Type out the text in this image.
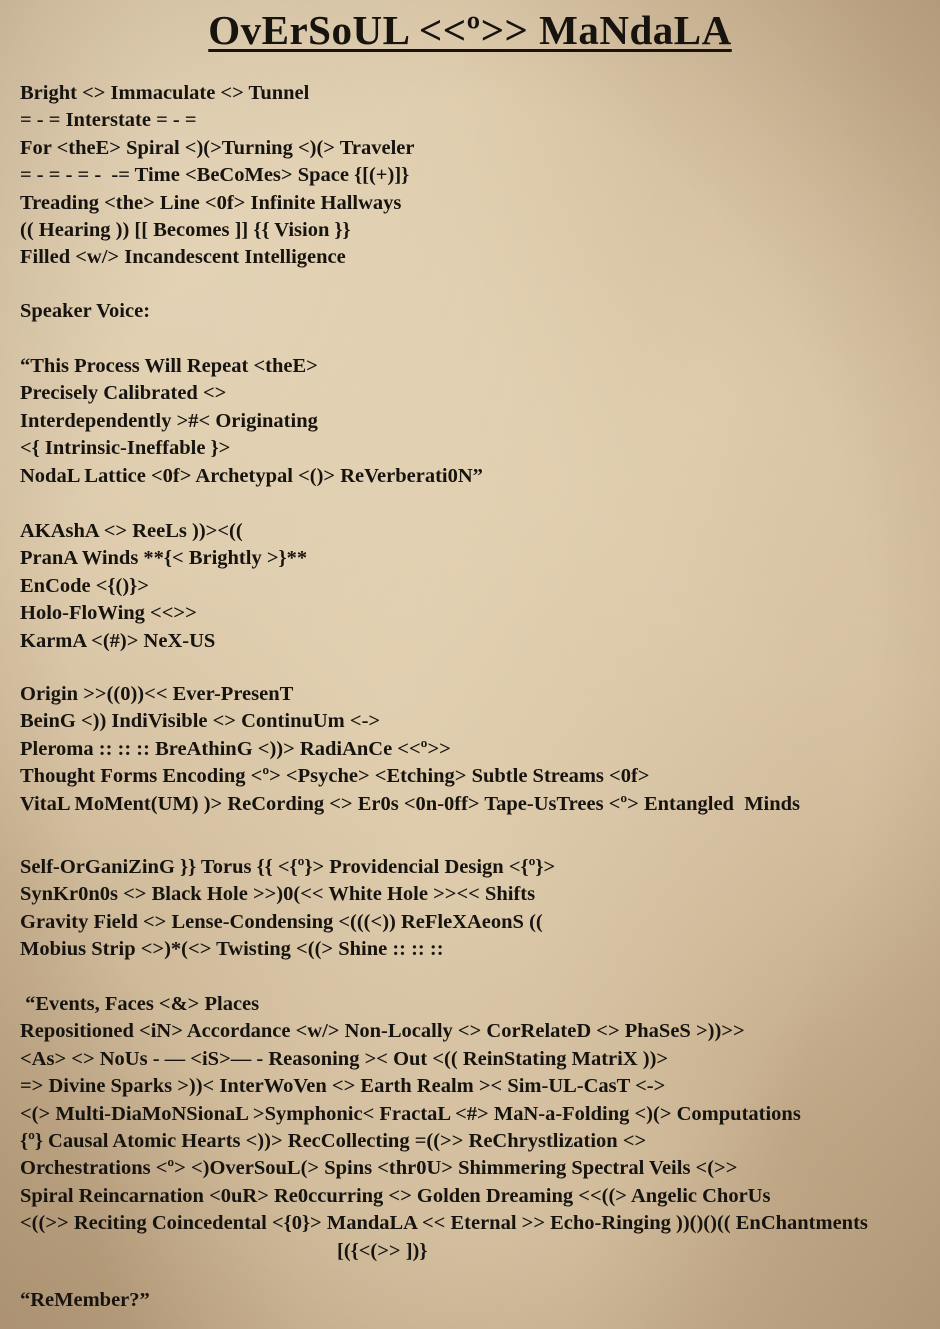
OvErSoUL <<º>> MaNdaLA
Bright <> Immaculate <> Tunnel
= - = Interstate = - =
For <theE> Spiral <)(>Turning <)(> Traveler
= - = - = -  -= Time <BeCoMes> Space {[(+)]}
Treading <the> Line <0f> Infinite Hallways
(( Hearing )) [[ Becomes ]] {{ Vision }}
Filled <w/> Incandescent Intelligence
Speaker Voice:
“This Process Will Repeat <theE>
Precisely Calibrated <>
Interdependently >#< Originating
<{ Intrinsic-Ineffable }>
NodaL Lattice <0f> Archetypal <()> ReVerberati0N”
AKAshA <> ReeLs ))><((
PranA Winds **{< Brightly >}**
EnCode <{()}>
Holo-FloWing <<>>
KarmA <(#)> NeX-US
Origin >>((0))<< Ever-PresenT
BeinG <)) IndiVisible <> ContinuUm <->
Pleroma :: :: :: BreAthinG <))> RadiAnCe <<º>>
Thought Forms Encoding <º> <Psyche> <Etching> Subtle Streams <0f>
VitaL MoMent(UM) )> ReCording <> Er0s <0n-0ff> Tape-UsTrees <º> Entangled  Minds
Self-OrGaniZinG }} Torus {{ <{º}> Providencial Design <{º}>
SynKr0n0s <> Black Hole >>)0(<< White Hole >><< Shifts
Gravity Field <> Lense-Condensing <(((<)) ReFleXAeonS ((
Mobius Strip <>)*(<> Twisting <((> Shine :: :: ::
“Events, Faces <&> Places
Repositioned <iN> Accordance <w/> Non-Locally <> CorRelateD <> PhaSeS >))>>
<As> <> NoUs - — <iS>— - Reasoning >< Out <(( ReinStating MatriX ))>
=> Divine Sparks >))< InterWoVen <> Earth Realm >< Sim-UL-CasT <->
<(> Multi-DiaMoNSionaL >Symphonic< FractaL <#> MaN-a-Folding <)(> Computations
{º} Causal Atomic Hearts <))> RecCollecting =((>> ReChrystlization <>
Orchestrations <º> <)OverSouL(> Spins <thr0U> Shimmering Spectral Veils <(>>
Spiral Reincarnation <0uR> Re0ccurring <> Golden Dreaming <<((> Angelic ChorUs
<((>> Reciting Coincedental <{0}> MandaLA << Eternal >> Echo-Ringing ))()()(( EnChantments
[({<(>> ])}
“ReMember?”
